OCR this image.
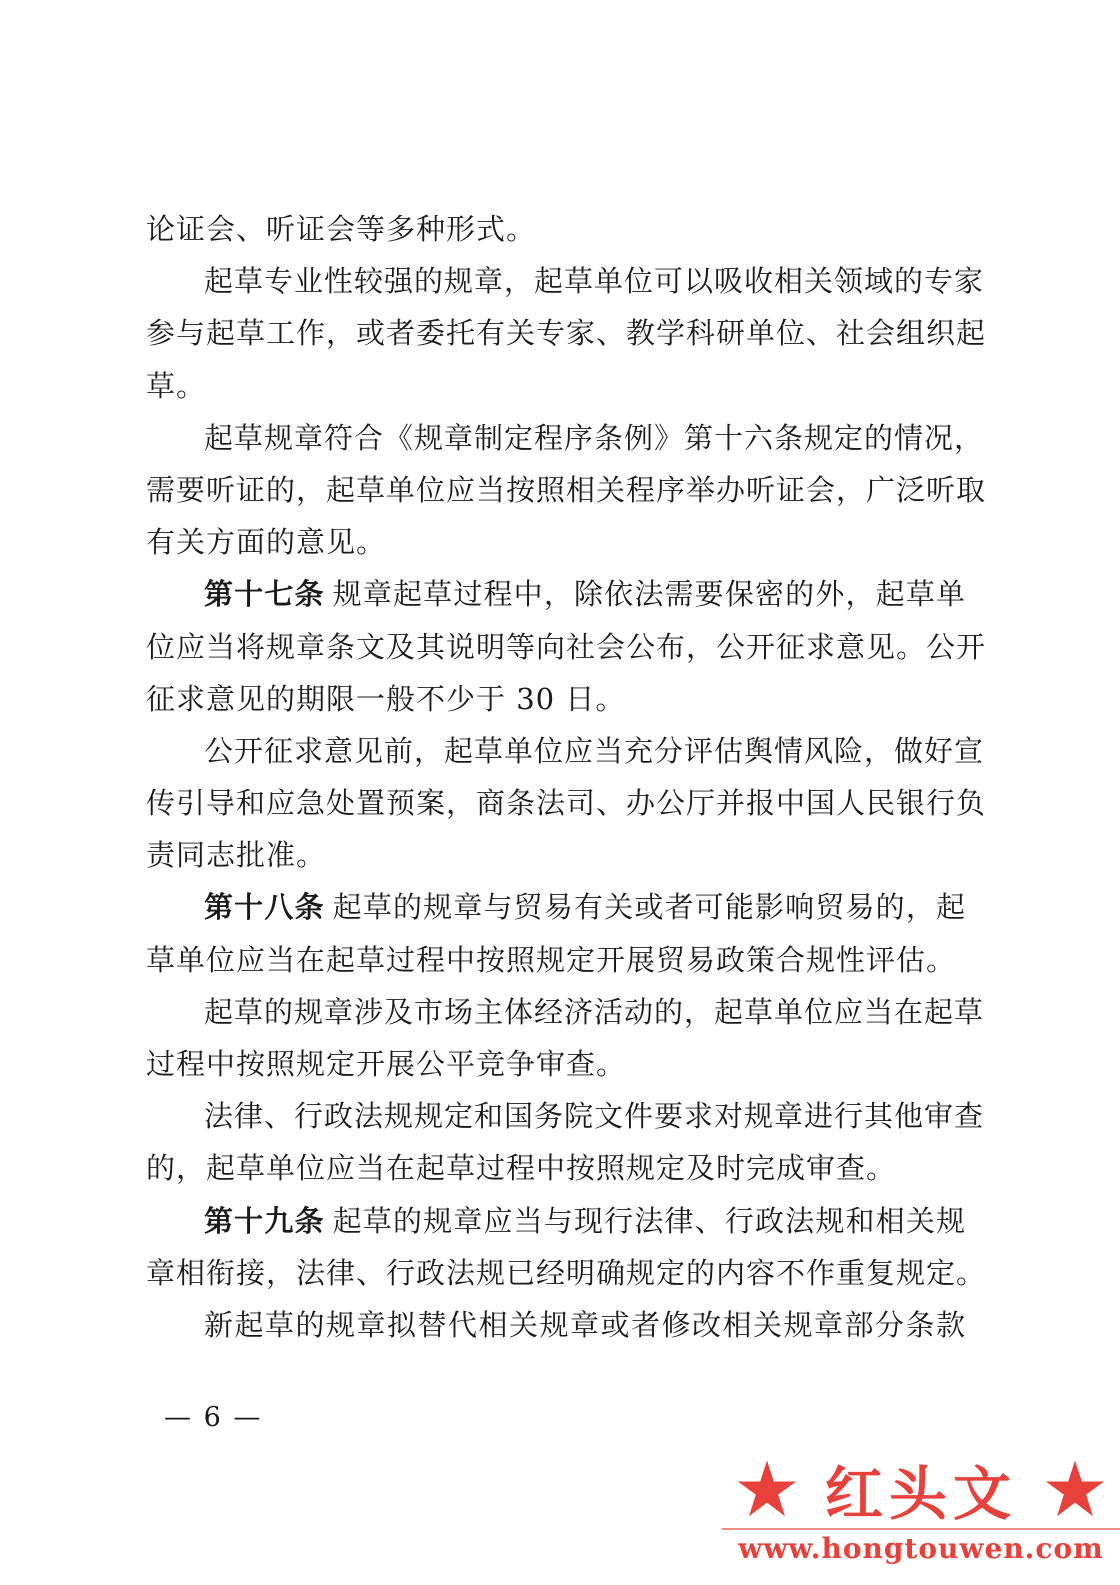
论证会、听证会等多种形式。
起草专业性较强的规章，起草单位可以吸收相关领域的专家
参与起草工作，或者委托有关专家、教学科研单位、社会组织起
草。
起草规章符合《规章制定程序条例》第十六条规定的情况，
需要听证的，起草单位应当按照相关程序举办听证会，广泛听取
有关方面的意见。
第十七条 规章起草过程中，除依法需要保密的外，起草单
位应当将规章条文及其说明等向社会公布，公开征求意见。公开
征求意见的期限一般不少于 30 日。
公开征求意见前，起草单位应当充分评估舆情风险，做好宣
传引导和应急处置预案，商条法司、办公厅并报中国人民银行负
责同志批准。
第十八条 起草的规章与贸易有关或者可能影响贸易的，起
草单位应当在起草过程中按照规定开展贸易政策合规性评估。
起草的规章涉及市场主体经济活动的，起草单位应当在起草
过程中按照规定开展公平竞争审查。
法律、行政法规规定和国务院文件要求对规章进行其他审查
的，起草单位应当在起草过程中按照规定及时完成审查。
第十九条 起草的规章应当与现行法律、行政法规和相关规
章相衔接，法律、行政法规已经明确规定的内容不作重复规定。
新起草的规章拟替代相关规章或者修改相关规章部分条款
— 6 —
红头文
www.hongtouwen.com
